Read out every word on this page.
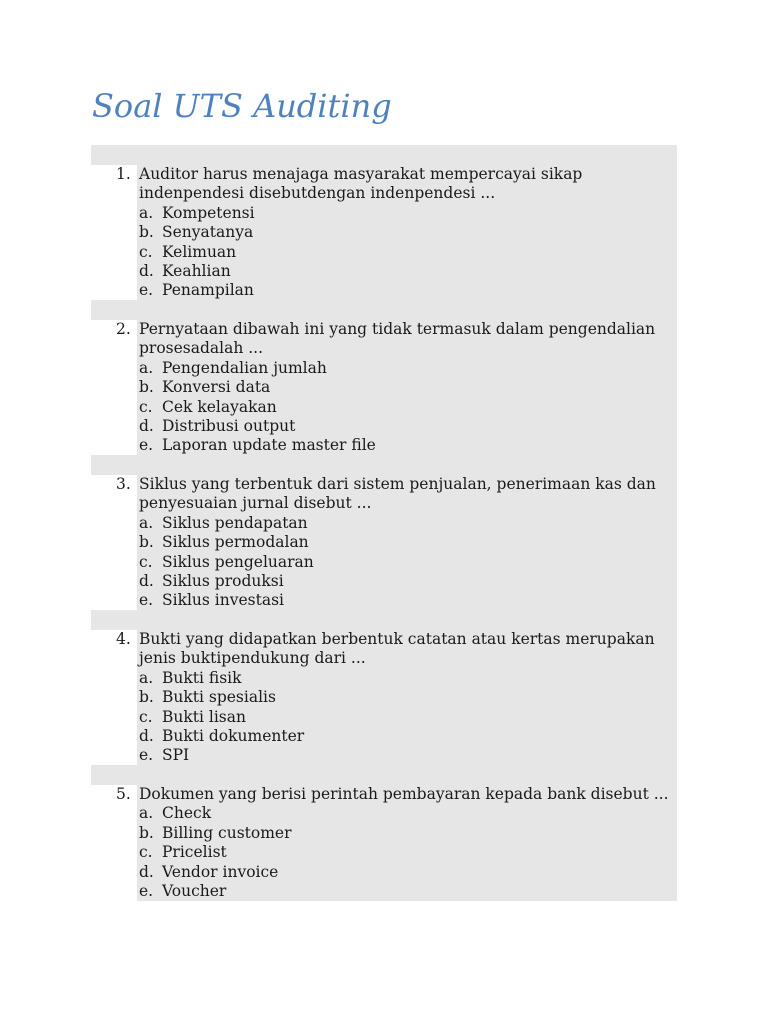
Soal UTS Auditing
1. Auditor harus menajaga masyarakat mempercayai sikap
indenpendesi disebutdengan indenpendesi ...
a. Kompetensi
b. Senyatanya
c. Kelimuan
d. Keahlian
e. Penampilan
2. Pernyataan dibawah ini yang tidak termasuk dalam pengendalian
prosesadalah ...
a. Pengendalian jumlah
b. Konversi data
c. Cek kelayakan
d. Distribusi output
e. Laporan update master file
3. Siklus yang terbentuk dari sistem penjualan, penerimaan kas dan
penyesuaian jurnal disebut ...
a. Siklus pendapatan
b. Siklus permodalan
c. Siklus pengeluaran
d. Siklus produksi
e. Siklus investasi
4. Bukti yang didapatkan berbentuk catatan atau kertas merupakan
jenis buktipendukung dari ...
a. Bukti fisik
b. Bukti spesialis
c. Bukti lisan
d. Bukti dokumenter
e. SPI
5. Dokumen yang berisi perintah pembayaran kepada bank disebut ...
a. Check
b. Billing customer
c. Pricelist
d. Vendor invoice
e. Voucher
